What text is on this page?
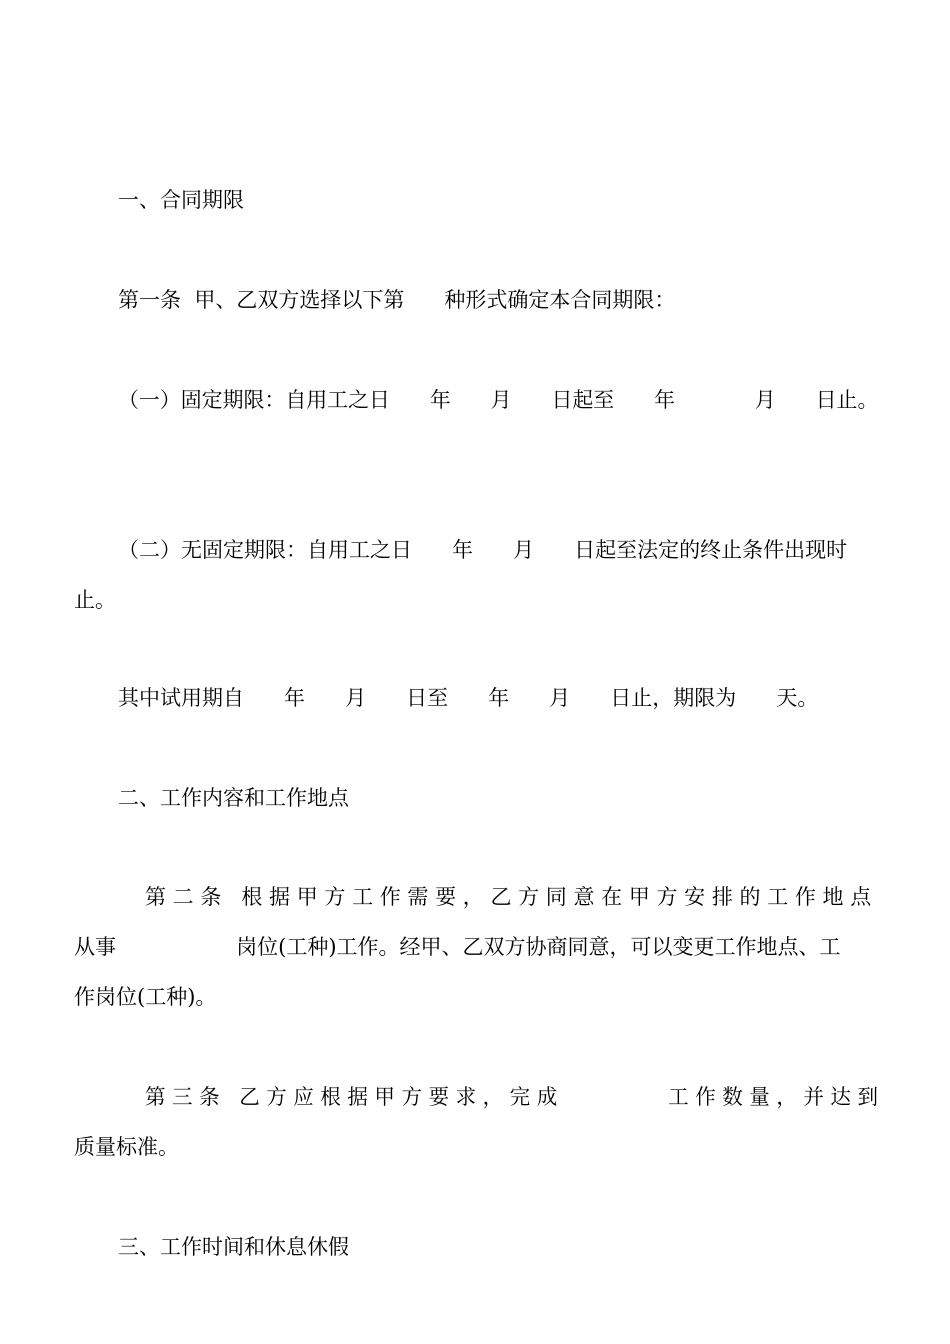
一、合同期限

第一条  甲、乙双方选择以下第      种形式确定本合同期限：

（一）固定期限：自用工之日      年      月      日起至      年            月      日止。

（二）无固定期限：自用工之日      年      月      日起至法定的终止条件出现时

止。

其中试用期自      年      月      日至      年      月      日止，期限为      天。

二、工作内容和工作地点

第 二 条   根 据 甲 方 工 作 需 要 ， 乙 方 同 意 在 甲 方 安 排 的 工 作 地 点

从事                  岗位(工种)工作。经甲、乙双方协商同意，可以变更工作地点、工

作岗位(工种)。

第 三 条   乙 方 应 根 据 甲 方 要 求 ， 完 成                 工 作 数 量 ， 并 达 到

质量标准。

三、工作时间和休息休假
